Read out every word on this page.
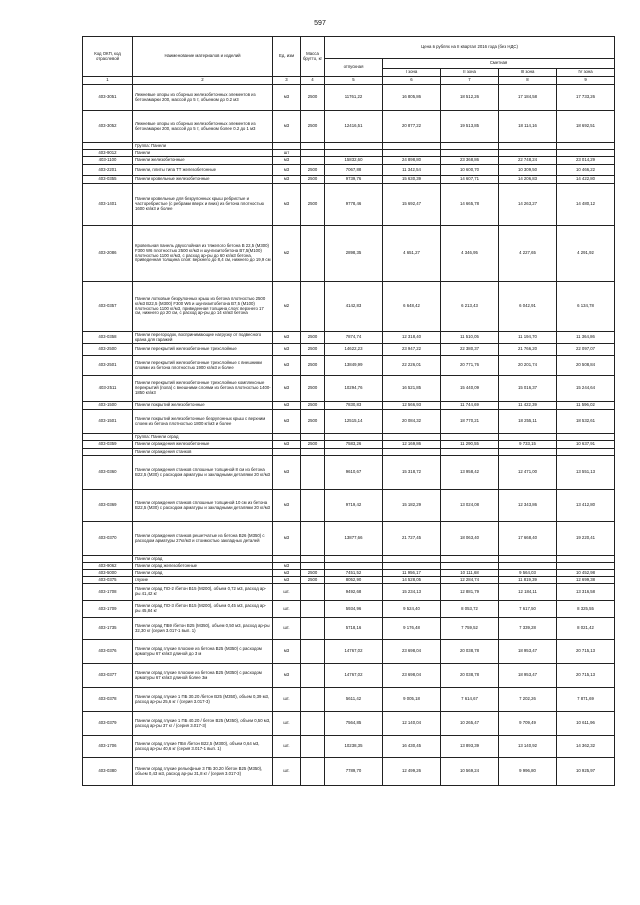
597
Код ОКП, код отраслевой	Наименование материалов и изделий	Ед. изм	Масса брутто, кг	Цена в рублях на II квартал 2016 года (без НДС)				
				отпускная	Сметная			
					I зона	II зона	III зона	IV зона
1	2	3	4	5	6	7	8	9
403-3051	Лежневые опоры из сборных железобетонных элементов из бетонамарки 200, массой до 5 т, объемом до 0.2 м3	м3	2500	11761,22	16 805,86	18 512,26	17 184,58	17 733,26
403-3052	Лежневые опоры из сборных железобетонных элементов из бетонамарки 200, массой до 5 т, объемом более 0.2 до 1 м3	м3	2500	12416,51	20 877,22	19 513,85	18 114,16	18 692,51
	Группа: Панели							
403-9012	Панели	шт						
403-1100	Панели железобетонные	м3		15832,60	24 898,80	23 368,86	22 748,24	23 014,29
403-2201	Панели, плиты типа ТТ железобетонные	м3	2500	7067,88	11 342,54	10 600,70	10 309,50	10 466,22
403-0355	Панели кровельные железобетонные	м3	2500	9739,76	15 630,39	14 607,71	14 206,83	14 422,80
403-1401	Панели кровельные для безрулонных крыш ребристые и часторебристые (с ребрами вверх и вниз) из бетона плотностью 1600 кг/м3 и более	м3	2500	9778,46	15 692,47	14 665,78	14 263,27	14 480,12
403-2086	Кровельная панель двухслойная из тяжелого бетона В 22,5 (М300) F300 W6 плотностью 2500 кг/м3 и шунгизитобетона В7,5(М100) плотностью 1100 кг/м3, с расход ар-ры до 60 кг/м3 бетона, приведенная толщина слоя: верхнего до 8,4 см, нижнего до 19,9 см	м2		2898,35	4 651,27	4 346,95	4 227,65	4 291,92
403-0357	Панели лотковые безрулонных крыш из бетона плотностью 2500 кг/м3 В22,5 (М300) F300 W6 и шунгизитобетона В7,5 (М100) плотностью 1100 кг/м3, приведенная толщина слоя: верхнего 17 см, нижнего до 20 см, с расход ар-ры до 14 кг/м3 бетона	м2		4142,83	6 648,42	6 213,43	6 042,91	6 134,78
403-0358	Панели перегородок, воспринимающие нагрузку от подвесного крана для гаражей	м3	2500	7874,74	12 318,40	11 510,05	11 194,70	11 364,86
403-2500	Панели перекрытий железобетонные трехслойные	м3	2500	14622,23	23 947,22	22 380,37	21 766,20	22 097,07
403-2501	Панели перекрытий железобетонные трехслойные с внешними слоями из бетона плотностью 1900 кг/м3 и более	м3	2500	13849,99	22 226,01	20 771,76	20 201,74	20 508,84
403-2511	Панели перекрытий железобетонные трехслойные комплексные перекрытий (пола) с внешними слоями из бетона плотностью 1400-1850 кг/м3	м3	2500	10294,76	16 521,85	15 440,09	15 016,37	15 244,64
403-1500	Панели покрытий железобетонные	м3	2500	7830,83	12 566,93	11 744,69	11 422,39	11 596,02
403-1501	Панели покрытий железобетонные безрулонных крыш с верхним слоем из бетона плотностью 1800 кг/м3 и более	м3	2500	12515,14	20 084,32	18 770,21	18 255,11	18 532,61
	Группа: Панели оград							
403-0359	Панели ограждения железобетонные	м3	2500	7583,26	12 169,86	11 290,55	9 733,15	10 637,91
	Панели ограждения станков							
403-0360	Панели ограждения станков сплошные толщиной 8 см из бетона В22,5 (М30) с расходом арматуры и закладными деталями 20 кг/м3	м3		9610,67	15 318,72	13 958,42	12 471,00	13 551,13
403-0369	Панели ограждения станков сплошные толщиной 10 см из бетона В22,5 (М30) с расходом арматуры и закладными деталями 20 кг/м3	м3		9719,42	15 182,29	13 024,08	12 343,86	13 412,80
403-0370	Панели ограждения станков решетчатые из бетона В26 (М350) с расходом арматуры 27кг/м3 и стоимостью закладных деталей	м3		13877,66	21 727,45	18 063,40	17 668,40	19 220,41
	Панели оград							
403-9062	Панели оград железобетонные	м3						
403-5000	Панели оград	м3	2500	7451,52	11 956,17	10 111,68	9 564,03	10 452,98
403-0375	глухие	м3	2500	8052,90	14 528,05	12 284,74	11 819,39	12 699,38
403-1708	Панели оград ПО-2 /бетон В15 (М200), объем 0,72 м3, расход ар-ры 41,42 кг	шт.		9492,68	15 234,13	12 881,79	12 184,11	13 316,58
403-1709	Панели оград ПО-3 /бетон В15 (М200), объем 0,45 м3, расход ар-ры 45,84 кг	шт.		5934,96	9 524,40	8 053,72	7 617,50	8 325,55
403-1735	Панели оград ПБ9 /бетон В25 (М350), объем 0,50 м3, расход ар-ры 32,30 кг (серия 3.017-1 вып. 1)	шт.		5718,16	9 176,48	7 759,52	7 339,28	8 021,42
403-0376	Панели оград глухие плоские из бетона В25 (М350) с расходом арматуры 67 кг/м3 длиной до 3 м	м3		14767,02	23 698,04	20 038,78	18 953,47	20 715,13
403-0377	Панели оград глухие плоские из бетона В25 (М350) с расходом арматуры 67 кг/м3 длиной более 3м	м3		14767,02	23 698,04	20 038,78	18 953,47	20 715,13
403-0378	Панели оград глухие 1 ПБ 30.20 /бетон В25 (М350), объем 0,39 м3, расход ар-ры 25,6 кг / (серия 3.017-3)	шт.		5611,42	9 005,18	7 614,67	7 202,26	7 871,69
403-0379	Панели оград глухие 1 ПБ 40.20 / бетон В25 (М350), объем 0,50 м3, расход ар-ры 37 кг / (серия 3.017-3)	шт.		7564,85	12 140,04	10 265,47	9 709,49	10 611,96
403-1706	Панели оград глухие ПБп /бетон В22,5 (М300), объем 0,64 м3, расход ар-ры 40,6 кг (серия 3.017-1 вып. 1)	шт.		10238,35	16 430,45	13 893,39	13 140,92	14 362,32
403-0380	Панели оград глухие рельефные 3 ПБ 30.20 /бетон В25 (М350), объем 0,43 м3, расход ар-ры 31,8 кг / (серия 3.017-3)	шт.		7789,70	12 499,26	10 569,24	9 996,80	10 925,97
